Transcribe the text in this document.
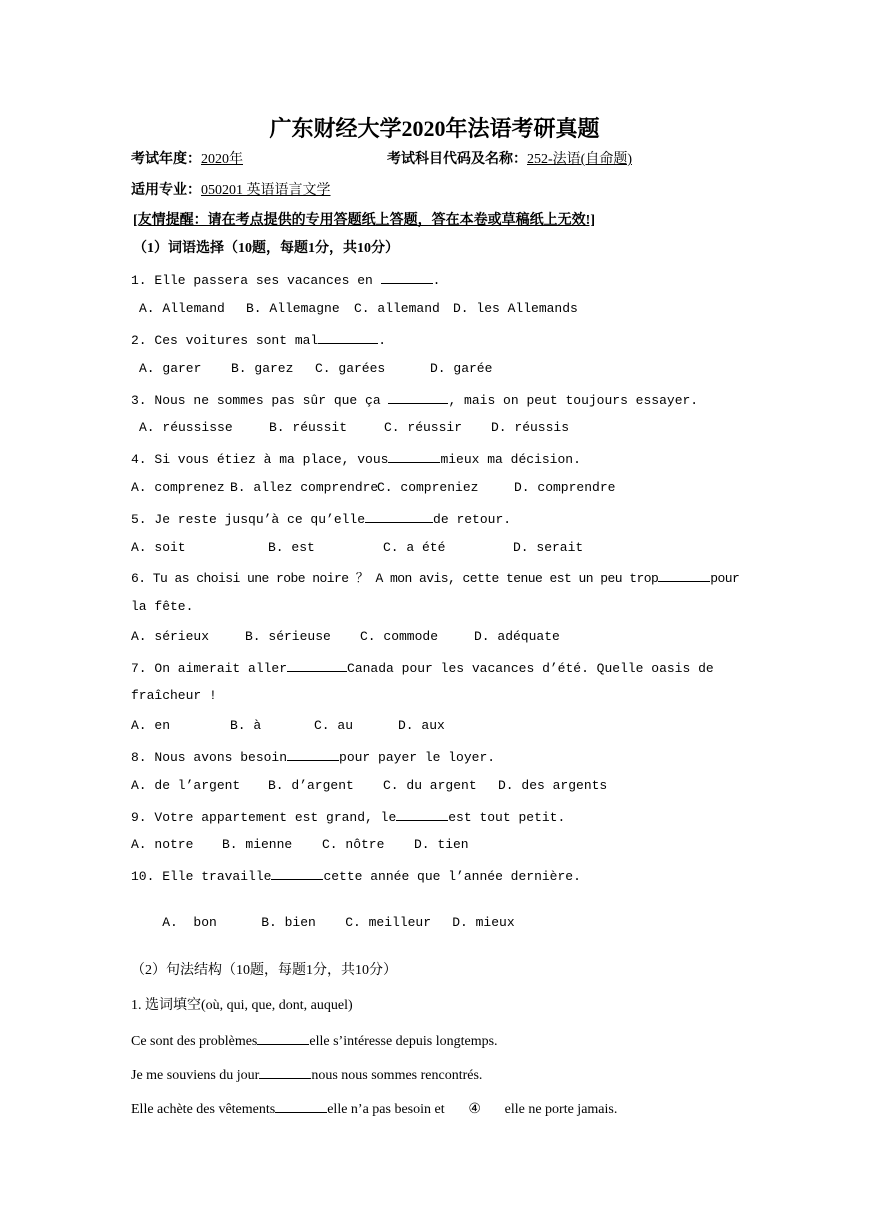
广东财经大学2020年法语考研真题
考试年度：2020年	考试科目代码及名称：252-法语(自命题)
适用专业：050201 英语语言文学
[友情提醒：请在考点提供的专用答题纸上答题，答在本卷或草稿纸上无效!]
（1）词语选择（10题，每题1分，共10分）
1. Elle passera ses vacances en	.
A. Allemand B. Allemagne C. allemand D. les Allemands
2. Ces voitures sont mal	.
A. garer B. garez C. garées	D. garée
3. Nous ne sommes pas sûr que ça	, mais on peut toujours essayer.
A. réussisse	B. réussit	C. réussir D. réussis
4. Si vous étiez à ma place, vous	mieux ma décision.
A. comprenez B. allez comprendreC. compreniez	D. comprendre
5. Je reste jusqu’à ce qu’elle	de retour.
A. soit	B. est	C. a été	D. serait
6. Tu as choisi une robe noire ？ A mon avis, cette tenue est un peu trop	pour
la fête.
A. sérieux	B. sérieuse C. commode	D. adéquate
7. On aimerait aller	Canada pour les vacances d’été. Quelle oasis de
fraîcheur !
A. en	B. à	C. au	D. aux
8. Nous avons besoin	pour payer le loyer.
A. de l’argent B. d’argent C. du argent D. des argents
9. Votre appartement est grand, le	est tout petit.
A. notre B. mienne C. nôtre D. tien
10. Elle travaille	cette année que l’année dernière.

A.  bon	B. bien C. meilleur D. mieux

（2）句法结构（10题，每题1分，共10分）
1. 选词填空(où, qui, que, dont, auquel)
Ce sont des problèmes	elle s’intéresse depuis longtemps.
Je me souviens du jour	nous nous sommes rencontrés.
Elle achète des vêtements	elle n’a pas besoin et ④ elle ne porte jamais.
